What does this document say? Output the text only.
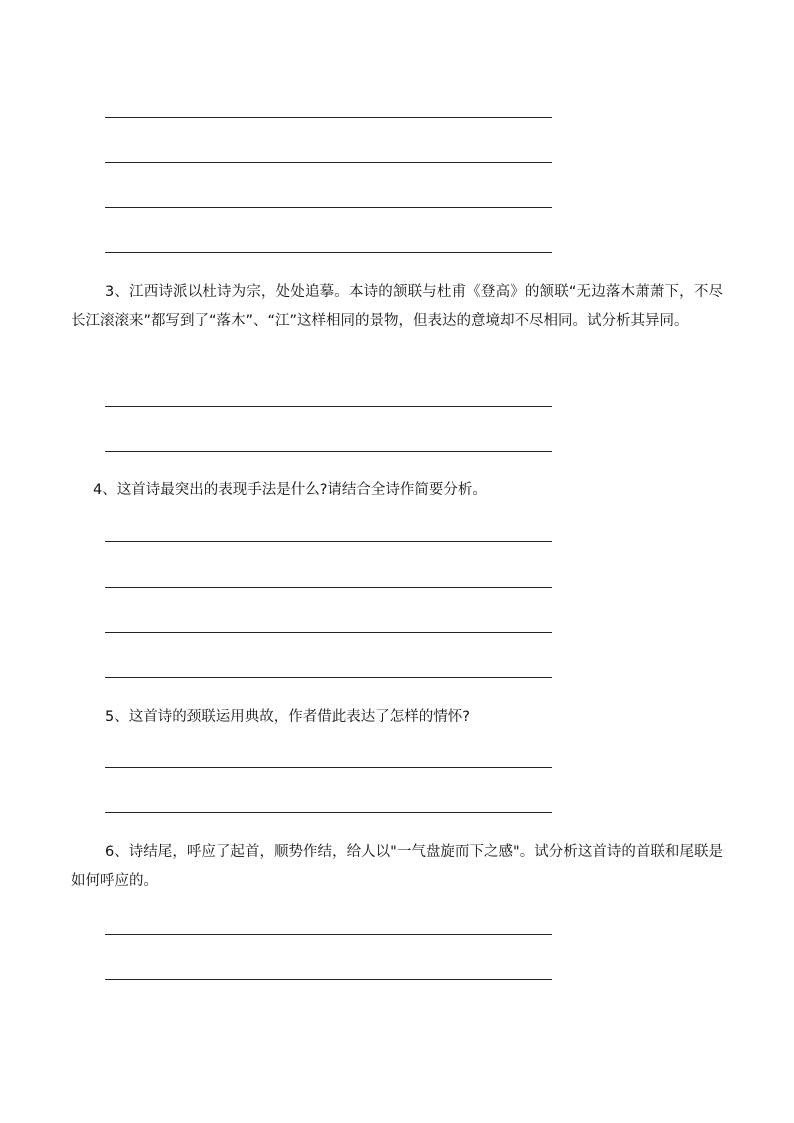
3、江西诗派以杜诗为宗，处处追摹。本诗的颔联与杜甫《登高》的颔联“无边落木萧萧下，不尽长江滚滚来”都写到了“落木”、“江”这样相同的景物，但表达的意境却不尽相同。试分析其异同。

4、这首诗最突出的表现手法是什么?请结合全诗作简要分析。

5、这首诗的颈联运用典故，作者借此表达了怎样的情怀?

6、诗结尾，呼应了起首，顺势作结，给人以"一气盘旋而下之感"。试分析这首诗的首联和尾联是如何呼应的。
